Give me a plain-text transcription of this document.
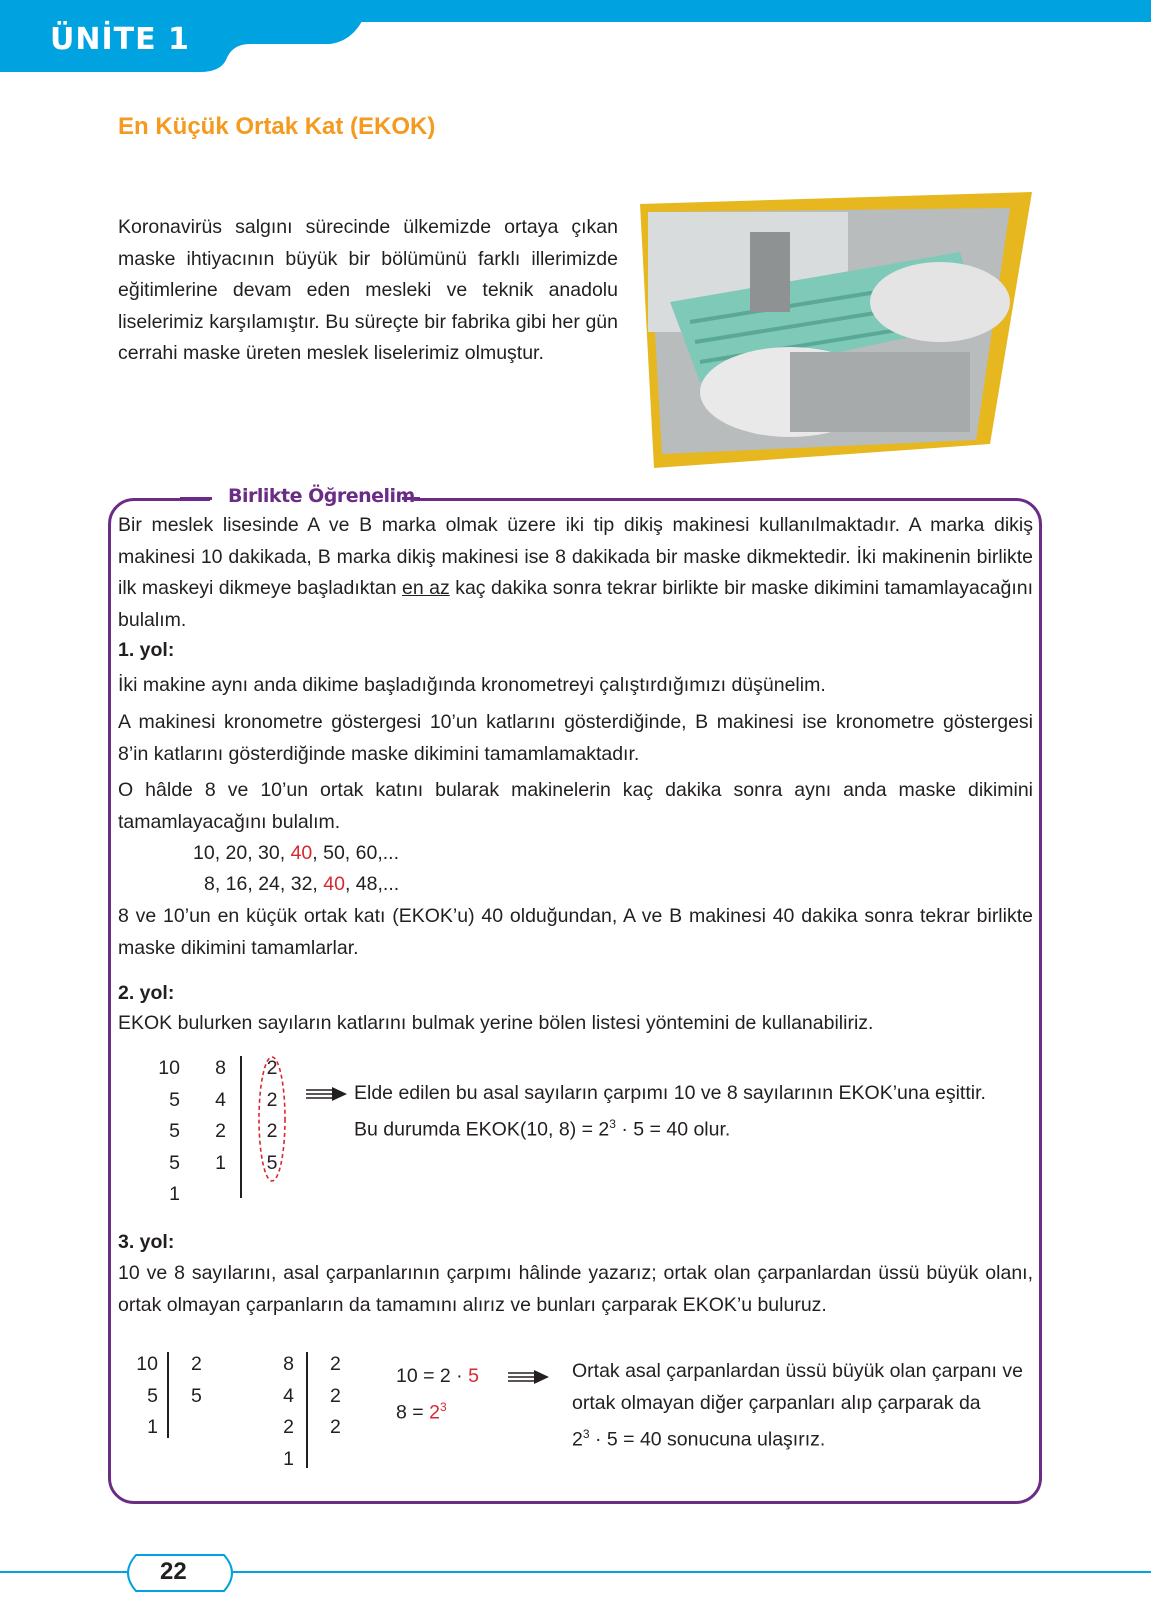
ÜNİTE 1
En Küçük Ortak Kat (EKOK)
Koronavirüs salgını sürecinde ülkemizde ortaya çıkan maske ihtiyacının büyük bir bölümünü farklı illerimizde eğitimlerine devam eden mesleki ve teknik anadolu liselerimiz karşılamıştır. Bu süreçte bir fabrika gibi her gün cerrahi maske üreten meslek liselerimiz olmuştur.
Birlikte Öğrenelim
Bir meslek lisesinde A ve B marka olmak üzere iki tip dikiş makinesi kullanılmaktadır. A marka dikiş makinesi 10 dakikada, B marka dikiş makinesi ise 8 dakikada bir maske dikmektedir. İki makinenin birlikte ilk maskeyi dikmeye başladıktan en az kaç dakika sonra tekrar birlikte bir maske dikimini tamamlayacağını bulalım.
1. yol:
İki makine aynı anda dikime başladığında kronometreyi çalıştırdığımızı düşünelim.
A makinesi kronometre göstergesi 10’un katlarını gösterdiğinde, B makinesi ise kronometre göstergesi 8’in katlarını gösterdiğinde maske dikimini tamamlamaktadır.
O hâlde 8 ve 10’un ortak katını bularak makinelerin kaç dakika sonra aynı anda maske dikimini tamamlayacağını bulalım.
10, 20, 30, 40, 50, 60,...
8, 16, 24, 32, 40, 48,...
8 ve 10’un en küçük ortak katı (EKOK’u) 40 olduğundan, A ve B makinesi 40 dakika sonra tekrar birlikte maske dikimini tamamlarlar.
2. yol:
EKOK bulurken sayıların katlarını bulmak yerine bölen listesi yöntemini de kullanabiliriz.
10
5
5
5
1
8
4
2
1
2
2
2
5
Elde edilen bu asal sayıların çarpımı 10 ve 8 sayılarının EKOK’una eşittir.
Bu durumda EKOK(10, $8) = 2^3 \cdot 5 = 40$ olur.
3. yol:
10 ve 8 sayılarını, asal çarpanlarının çarpımı hâlinde yazarız; ortak olan çarpanlardan üssü büyük olanı, ortak olmayan çarpanların da tamamını alırız ve bunları çarparak EKOK’u buluruz.
10
5
1
2
5
8
4
2
1
2
2
2
10 = 2 · 5
$8 = 2^3$
Ortak asal çarpanlardan üssü büyük olan çarpanı ve
ortak olmayan diğer çarpanları alıp çarparak da
$2^3 \cdot 5 = 40$ sonucuna ulaşırız.
22
